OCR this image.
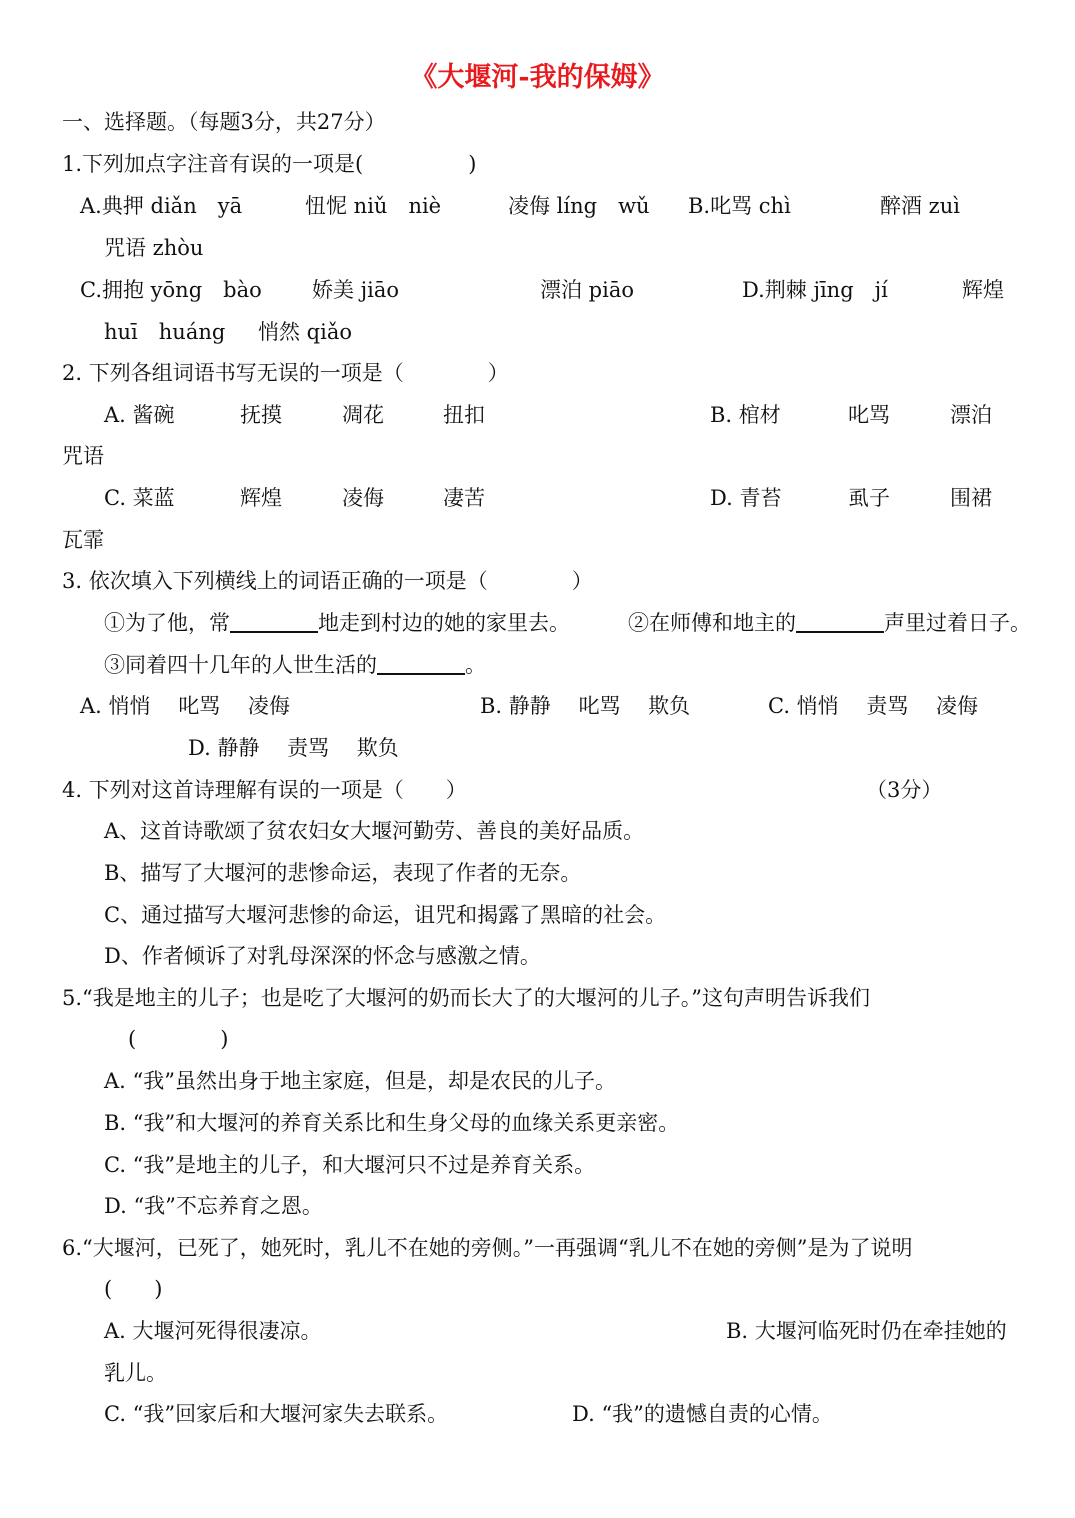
《大堰河-我的保姆》
一、选择题。（每题3分，共27分）
1.下列加点字注音有误的一项是(　　　　　)
A.典押 diǎn　yā	忸怩 niǔ　niè	凌侮 líng　wǔ B.叱骂 chì	醉酒 zuì
咒语 zhòu
C.拥抱 yōng　bào 娇美 jiāo	漂泊 piāo	D.荆棘 jīng　jí	辉煌
huī　huáng 悄然 qiǎo
2. 下列各组词语书写无误的一项是（　　　　）
A. 酱碗	抚摸	凋花	扭扣	B. 棺材	叱骂	漂泊
咒语
C. 菜蓝	辉煌	凌侮	凄苦	D. 青苔	虱子	围裙
瓦霏
3. 依次填入下列横线上的词语正确的一项是（　　　　）
①为了他，常	地走到村边的她的家里去。	②在师傅和地主的	声里过着日子。
③同着四十几年的人世生活的	。
A. 悄悄　 叱骂　 凌侮	B. 静静　 叱骂　 欺负	C. 悄悄　 责骂　 凌侮
D. 静静　 责骂　 欺负
4. 下列对这首诗理解有误的一项是（　　）	（3分）
A、这首诗歌颂了贫农妇女大堰河勤劳、善良的美好品质。
B、描写了大堰河的悲惨命运，表现了作者的无奈。
C、通过描写大堰河悲惨的命运，诅咒和揭露了黑暗的社会。
D、作者倾诉了对乳母深深的怀念与感激之情。
5.“我是地主的儿子；也是吃了大堰河的奶而长大了的大堰河的儿子。”这句声明告诉我们
(　　　　)
A. “我”虽然出身于地主家庭，但是，却是农民的儿子。
B. “我”和大堰河的养育关系比和生身父母的血缘关系更亲密。
C. “我”是地主的儿子，和大堰河只不过是养育关系。
D. “我”不忘养育之恩。
6.“大堰河，已死了，她死时，乳儿不在她的旁侧。”一再强调“乳儿不在她的旁侧”是为了说明
(　　)
A. 大堰河死得很凄凉。	B. 大堰河临死时仍在牵挂她的
乳儿。
C. “我”回家后和大堰河家失去联系。	D. “我”的遗憾自责的心情。
